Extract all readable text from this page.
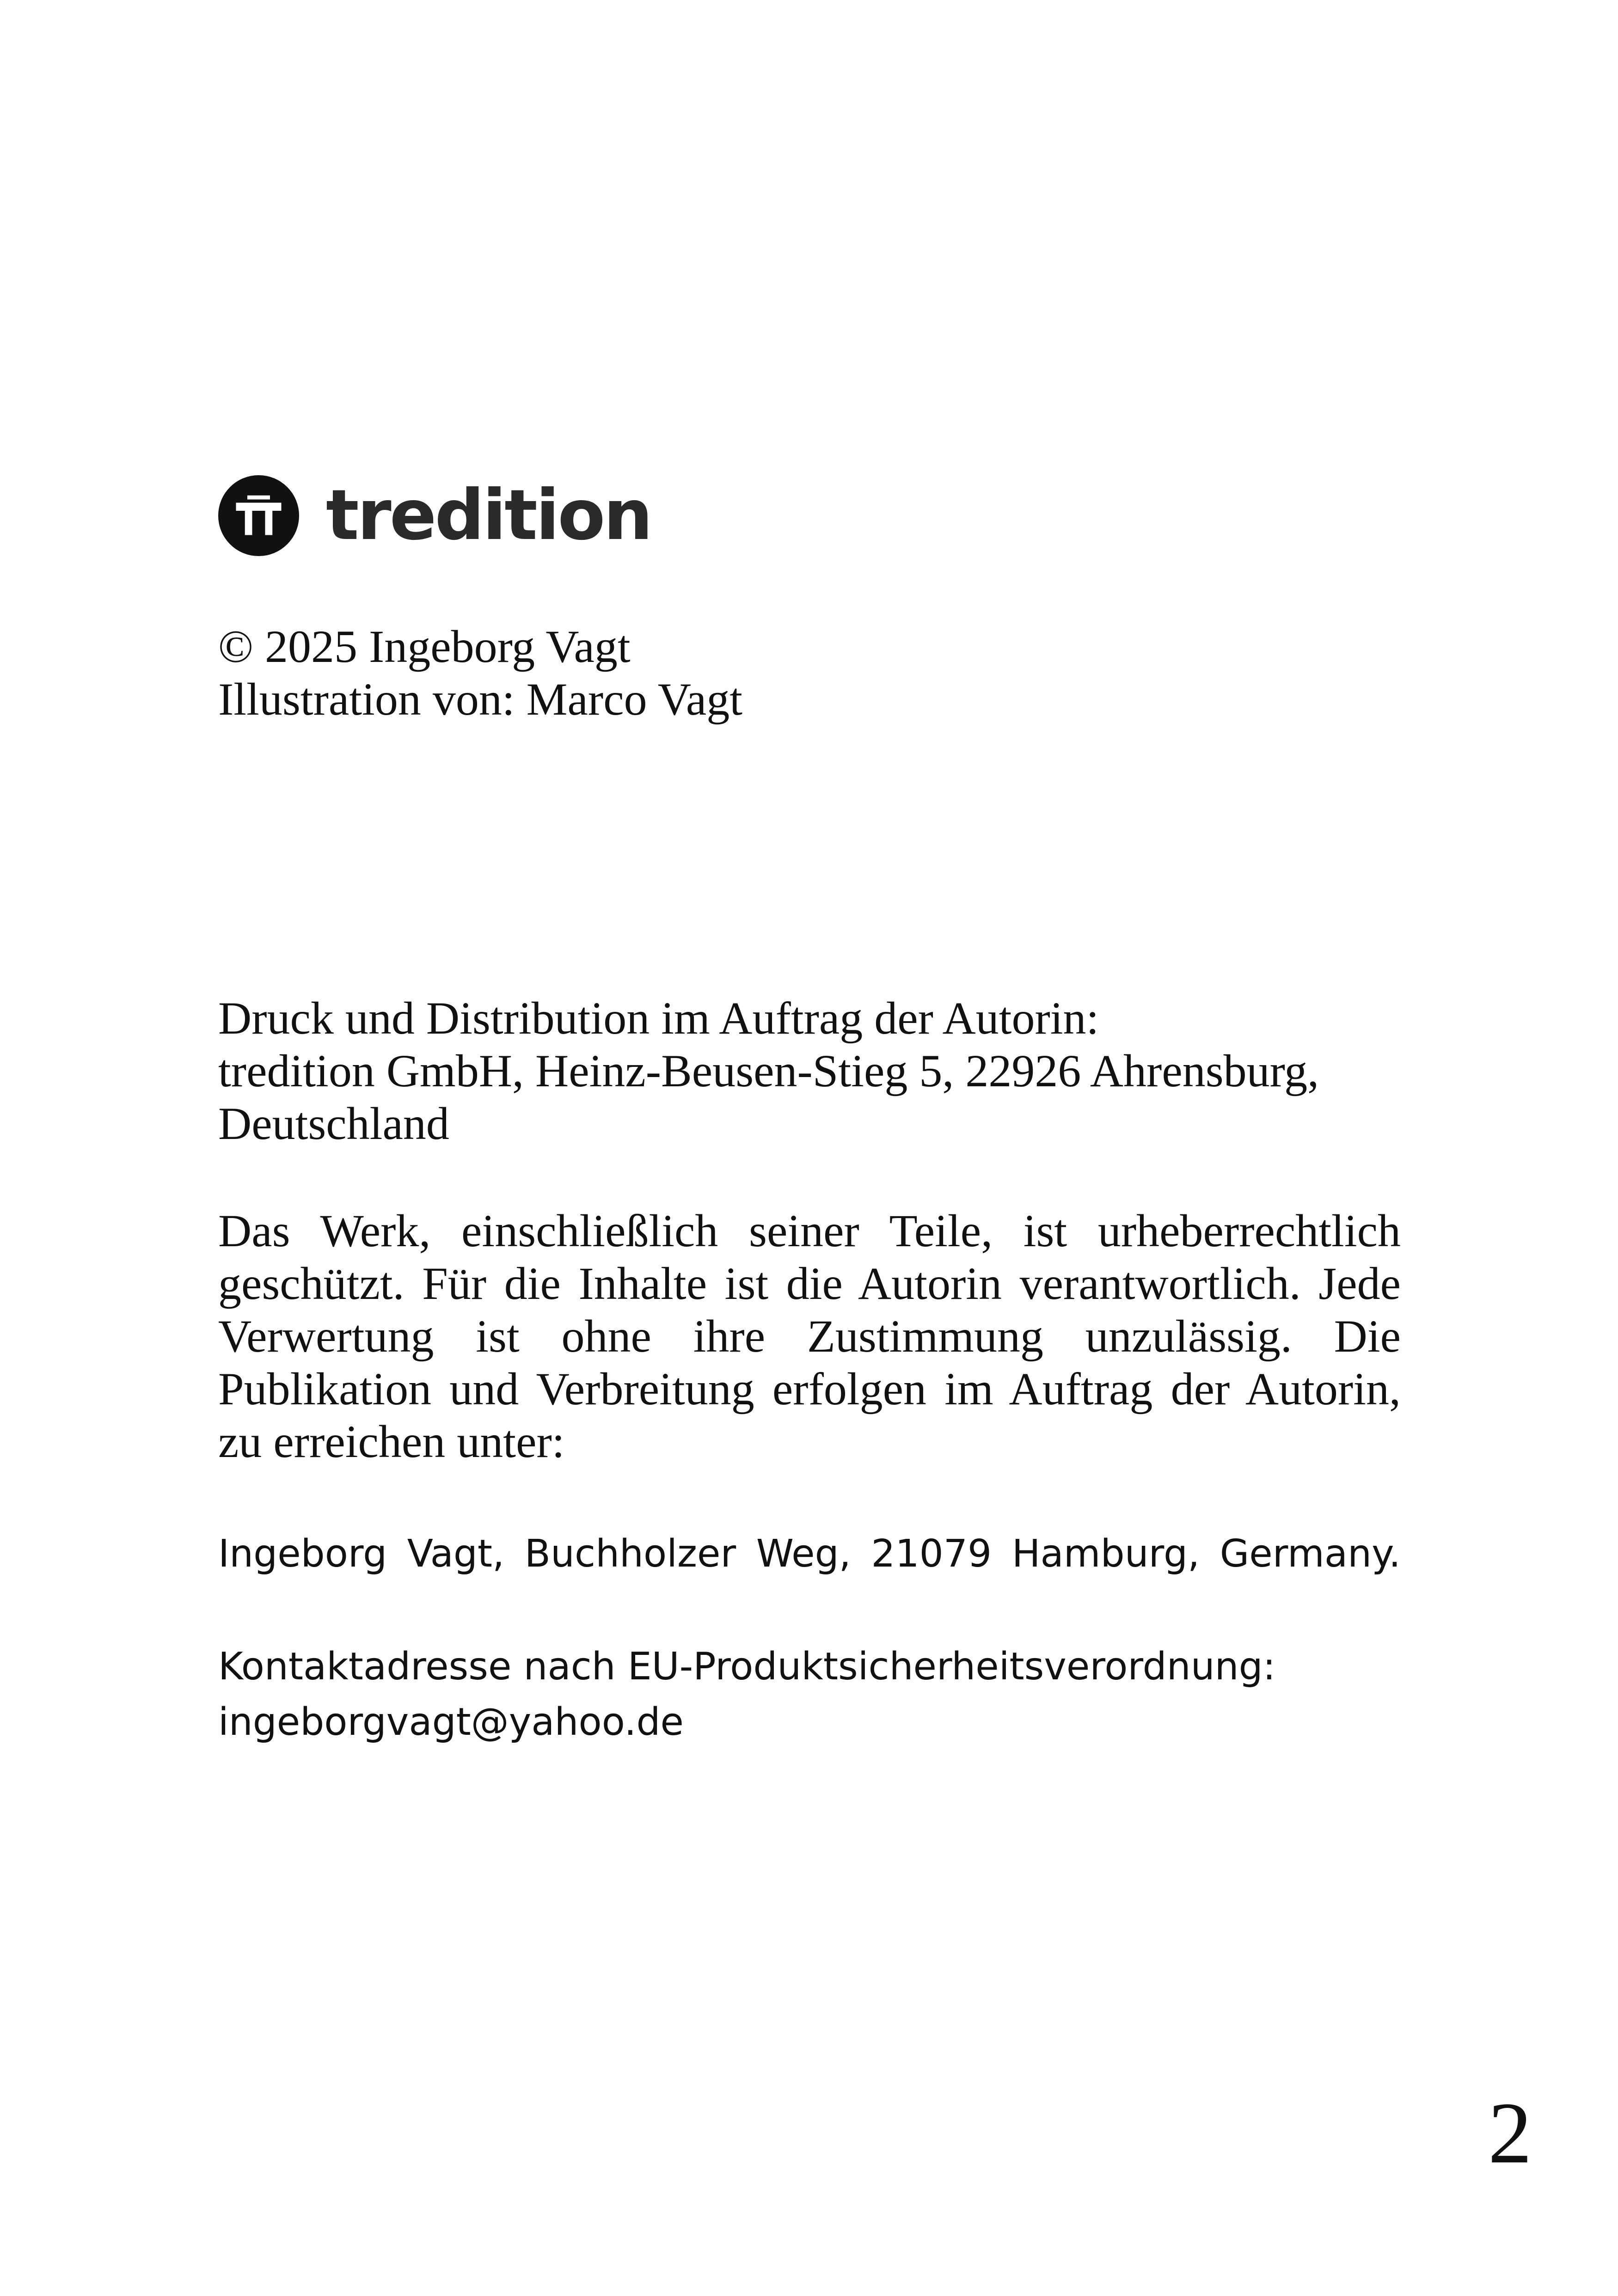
tredition

© 2025 Ingeborg Vagt

Illustration von: Marco Vagt

Druck und Distribution im Auftrag der Autorin:

tredition GmbH, Heinz-Beusen-Stieg 5, 22926 Ahrensburg,

Deutschland

Das Werk, einschließlich seiner Teile, ist urheberrechtlich geschützt. Für die Inhalte ist die Autorin verantwortlich. Jede Verwertung ist ohne ihre Zustimmung unzulässig. Die Publikation und Verbreitung erfolgen im Auftrag der Autorin, zu erreichen unter:

Ingeborg Vagt, Buchholzer Weg, 21079 Hamburg, Germany.

Kontaktadresse nach EU-Produktsicherheitsverordnung:

ingeborgvagt@yahoo.de

2
